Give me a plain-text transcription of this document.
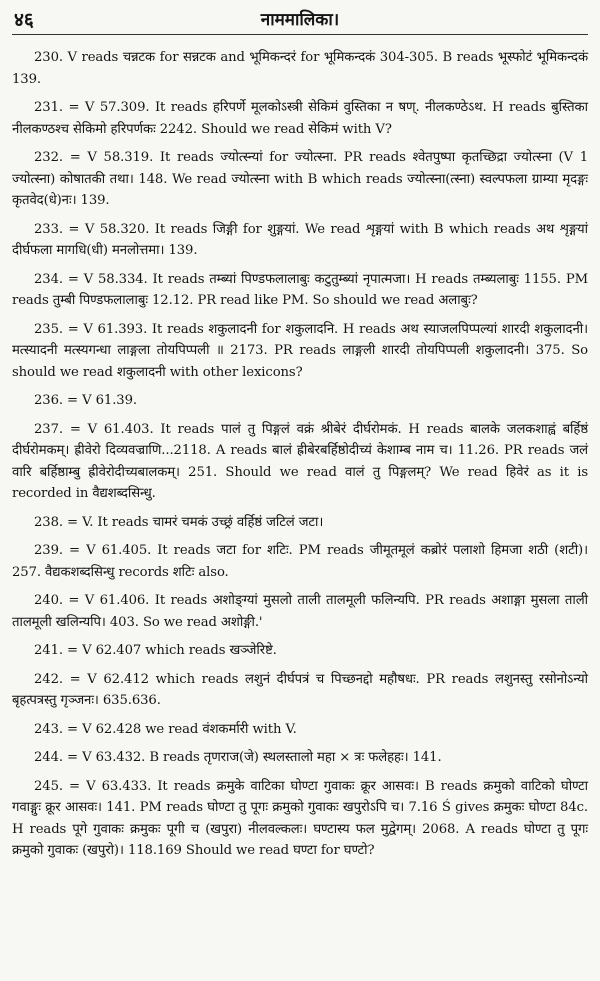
४६	नाममालिका।

230. V reads चन्नटक for सन्नटक and भूमिकन्दरं for भूमिकन्दकं 304-305. B reads भूस्फोटं भूमिकन्दकं 139.

231. = V 57.309. It reads हरिपर्णे मूलकोऽस्त्री सेकिमं वुस्तिका न षण्. नीलकण्ठेऽथ. H reads बुस्तिका नीलकण्ठश्च सेकिमो हरिपर्णकः 2242. Should we read सेकिमं with V?

232. = V 58.319. It reads ज्योत्स्न्यां for ज्योत्स्ना. PR reads श्वेतपुष्पा कृतच्छिद्रा ज्योत्स्ना (V 1 ज्योत्स्ना) कोषातकी तथा। 148. We read ज्योत्स्ना with B which reads ज्योत्स्ना(त्स्ना) स्वल्पफला ग्राम्या मृदङ्गः कृतवेद(धे)नः। 139.

233. = V 58.320. It reads जिङ्गी for शुङ्गयां. We read शृङ्गयां with B which reads अथ शृङ्गयां दीर्घफला मागधि(धी) मनलोत्तमा। 139.

234. = V 58.334. It reads तम्ब्यां पिण्डफलालाबुः कटुतुम्ब्यां नृपात्मजा। H reads तम्ब्यलाबुः 1155. PM reads तुम्बी पिण्डफलालाबुः 12.12. PR read like PM. So should we read अलाबुः?

235. = V 61.393. It reads शकुलादनी for शकुलादनि. H reads अथ स्याजलपिप्पल्यां शारदी शकुलादनी। मत्स्यादनी मत्स्यगन्धा लाङ्गला तोयपिप्पली ॥ 2173. PR reads लाङ्गली शारदी तोयपिप्पली शकुलादनी। 375. So should we read शकुलादनी with other lexicons?

236. = V 61.39.

237. = V 61.403. It reads पालं तु पिङ्गलं वक्रं श्रीबेरं दीर्घरोमकं. H reads बालके जलकशाह्वं बर्हिष्ठं दीर्घरोमकम्। ह्रीवेरो दिव्यवज्राणि...2118. A reads बालं ह्रीबेरबर्हिष्ठोदीच्यं केशाम्ब नाम च। 11.26. PR reads जलं वारि बर्हिष्ठाम्बु ह्रीवेरोदीच्यबालकम्। 251. Should we read वालं तु पिङ्गलम्? We read हिवेरं as it is recorded in वैद्यशब्दसिन्धु.

238. = V. It reads चामरं चमकं उच्छ्रं वर्हिष्ठं जटिलं जटा।

239. = V 61.405. It reads जटा for शटिः. PM reads जीमूतमूलं कब्रोरं पलाशो हिमजा शठी (शटी)। 257. वैद्यकशब्दसिन्धु records शटिः also.

240. = V 61.406. It reads अशोङ्ग्यां मुसलो ताली तालमूली फलिन्यपि. PR reads अशाङ्गा मुसला ताली तालमूली खलिन्यपि। 403. So we read अशोङ्गी.'

241. = V 62.407 which reads खञ्जेरिष्टे.

242. = V 62.412 which reads लशुनं दीर्घपत्रं च पिच्छनद्दो महौषधः. PR reads लशुनस्तु रसोनोऽन्यो बृहत्पत्रस्तु गृञ्जनः। 635.636.

243. = V 62.428 we read वंशकर्मारी with V.

244. = V 63.432. B reads तृणराज(जे) स्थलस्तालो महा × त्रः फलेहहः। 141.

245. = V 63.433. It reads क्रमुके वाटिका घोण्टा गुवाकः क्रूर आसवः। B reads क्रमुको वाटिको घोण्टा गवाङ्गुः क्रूर आसवः। 141. PM reads घोण्टा तु पूगः क्रमुको गुवाकः खपुरोऽपि च। 7.16 Ś gives क्रमुकः घोण्टा 84c. H reads पूगे गुवाकः क्रमुकः पूगी च (खपुरा) नीलवल्कलः। घण्टास्य फल मुद्वेगम्। 2068. A reads घोण्टा तु पूगः क्रमुको गुवाकः (खपुरो)। 118.169 Should we read घण्टा for घण्टो?
